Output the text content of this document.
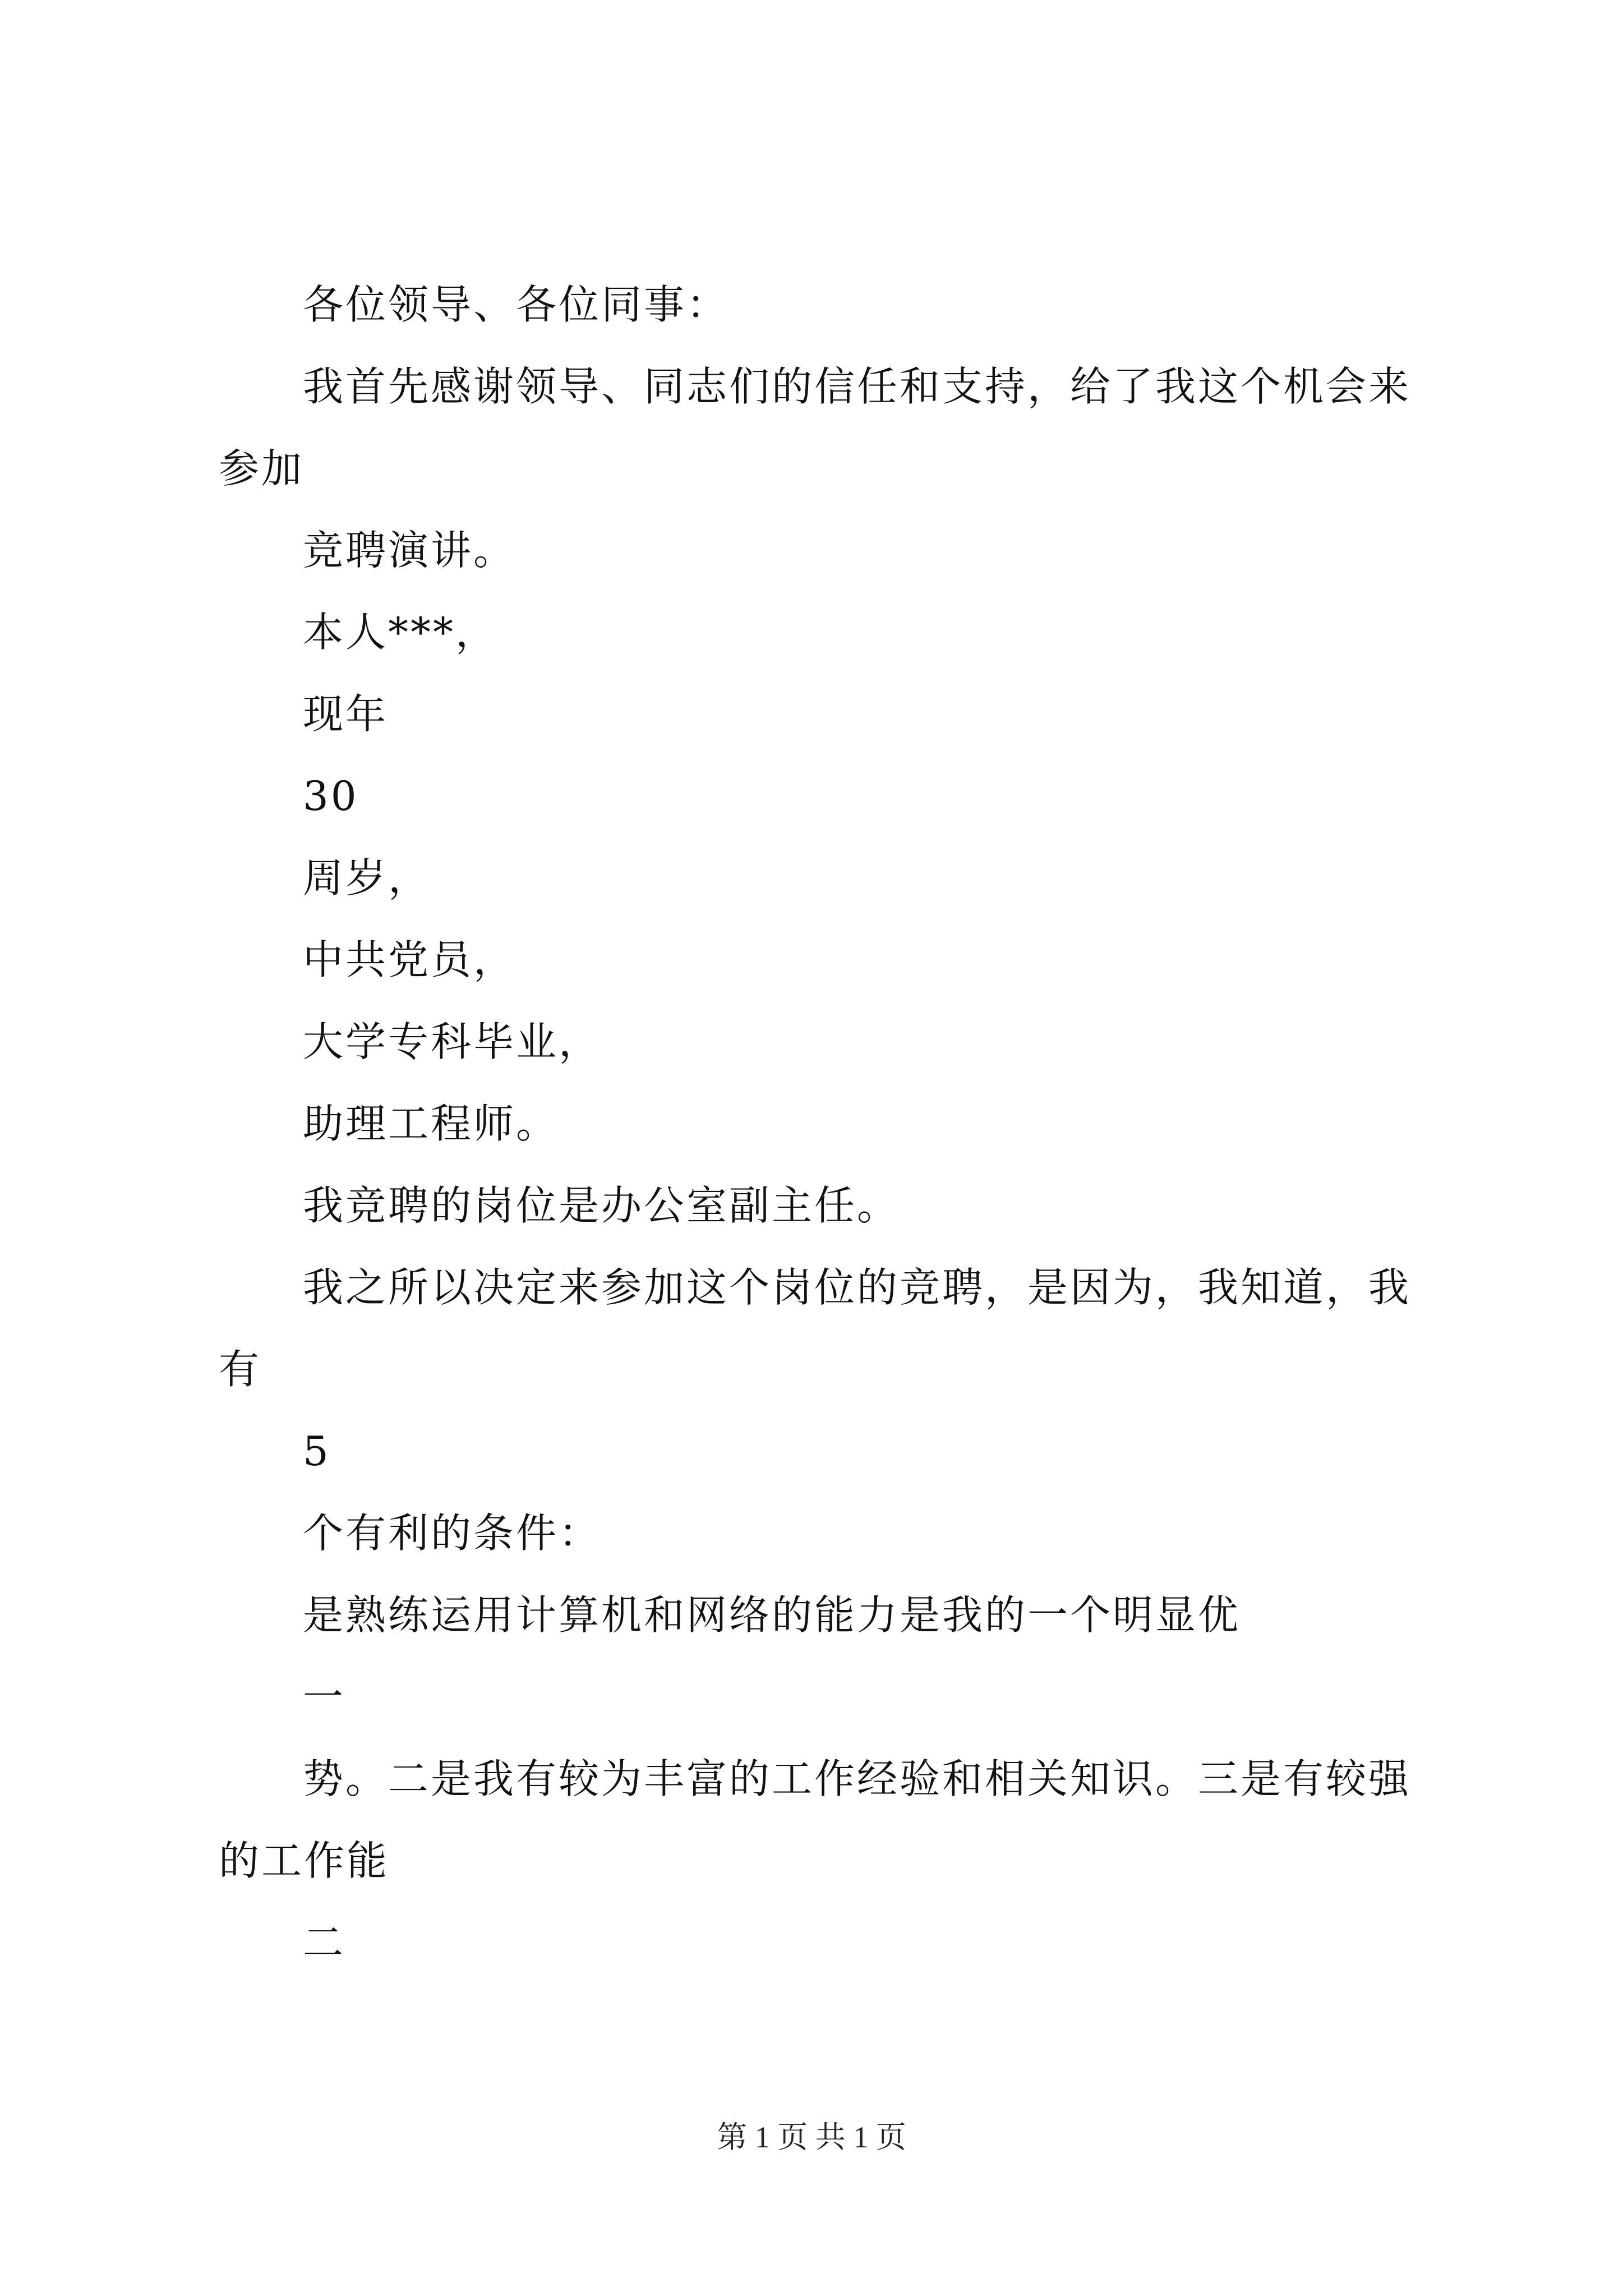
各位领导、各位同事：
我首先感谢领导、同志们的信任和支持，给了我这个机会来
参加
竞聘演讲。
本人***，
现年
30
周岁，
中共党员，
大学专科毕业，
助理工程师。
我竞聘的岗位是办公室副主任。
我之所以决定来参加这个岗位的竞聘，是因为，我知道，我
有
5
个有利的条件：
是熟练运用计算机和网络的能力是我的一个明显优
一
势。二是我有较为丰富的工作经验和相关知识。三是有较强
的工作能
二
第 1 页 共 1 页
